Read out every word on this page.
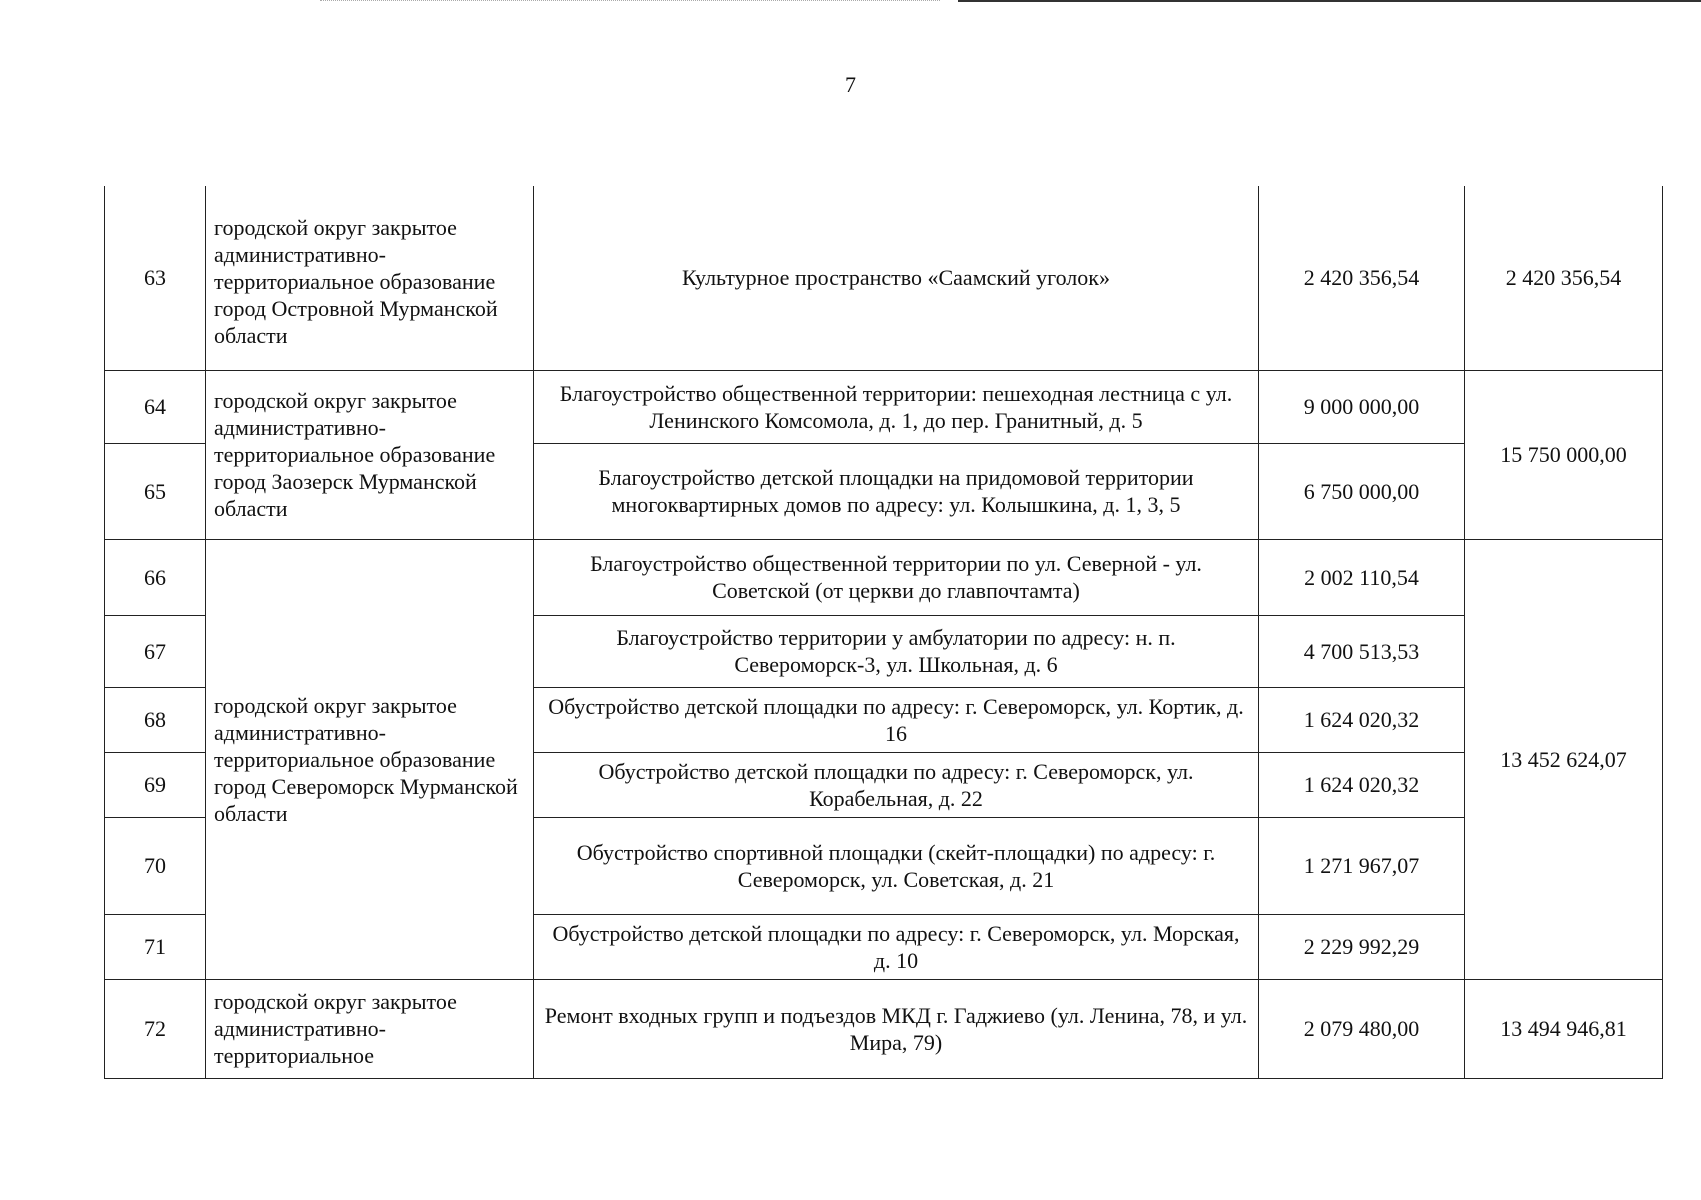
7
63	городской округ закрытое административно-территориальное образование город Островной Мурманской области	Культурное пространство «Саамский уголок»	2 420 356,54	2 420 356,54
64	городской округ закрытое административно-территориальное образование город Заозерск Мурманской области	Благоустройство общественной территории: пешеходная лестница с ул. Ленинского Комсомола, д. 1, до пер. Гранитный, д. 5	9 000 000,00	15 750 000,00
65		Благоустройство детской площадки на придомовой территории многоквартирных домов по адресу: ул. Колышкина, д. 1, 3, 5	6 750 000,00	
66	городской округ закрытое административно-территориальное образование город Североморск Мурманской области	Благоустройство общественной территории по ул. Северной - ул. Советской (от церкви до главпочтамта)	2 002 110,54	13 452 624,07
67		Благоустройство территории у амбулатории по адресу: н. п. Североморск-3, ул. Школьная, д. 6	4 700 513,53	
68		Обустройство детской площадки по адресу: г. Североморск, ул. Кортик, д. 16	1 624 020,32	
69		Обустройство детской площадки по адресу: г. Североморск, ул. Корабельная, д. 22	1 624 020,32	
70		Обустройство спортивной площадки (скейт-площадки) по адресу: г. Североморск, ул. Советская, д. 21	1 271 967,07	
71		Обустройство детской площадки по адресу: г. Североморск, ул. Морская, д. 10	2 229 992,29	
72	городской округ закрытое административно-территориальное	Ремонт входных групп и подъездов МКД г. Гаджиево (ул. Ленина, 78, и ул. Мира, 79)	2 079 480,00	13 494 946,81
